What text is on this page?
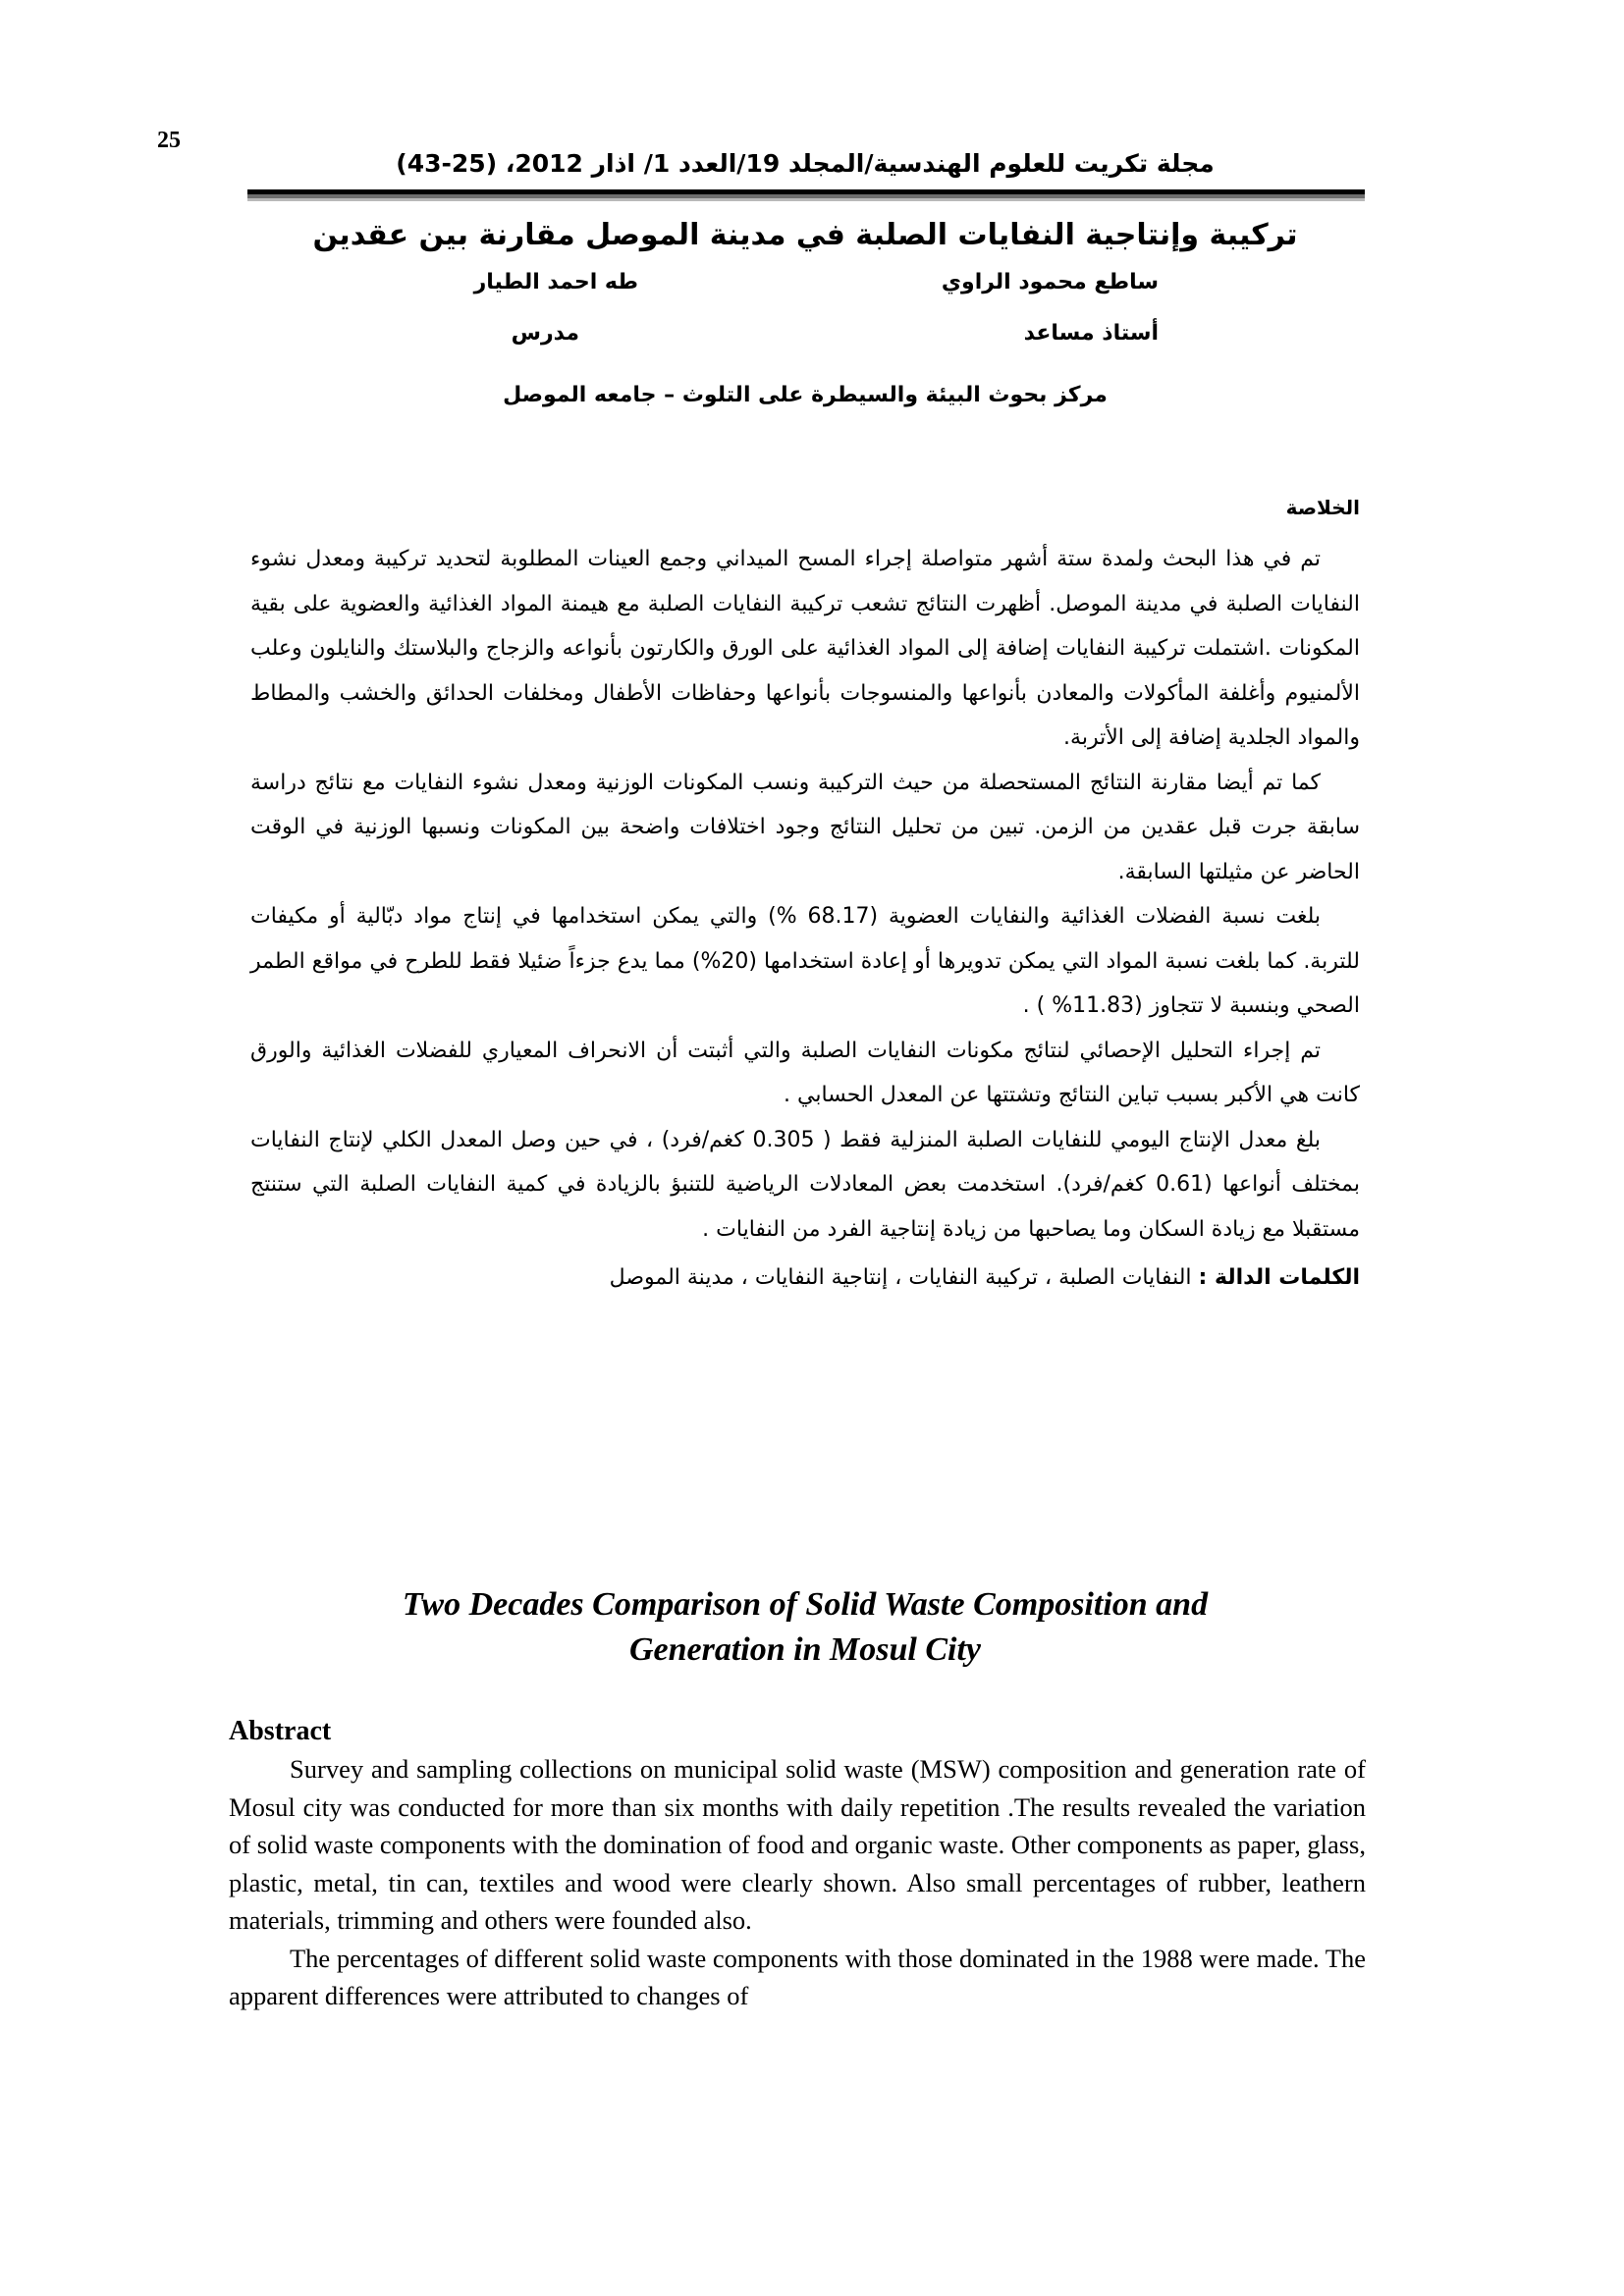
25
مجلة تكريت للعلوم الهندسية/المجلد 19/العدد 1/ اذار 2012، (25-43)
تركيبة وإنتاجية النفايات الصلبة في مدينة الموصل مقارنة بين عقدين
ساطع محمود الراوي
طه احمد الطيار
أستاذ مساعد
مدرس
مركز بحوث البيئة والسيطرة على التلوث – جامعه الموصل
الخلاصة

تم في هذا البحث ولمدة ستة أشهر متواصلة إجراء المسح الميداني وجمع العينات المطلوبة لتحديد تركيبة ومعدل نشوء النفايات الصلبة في مدينة الموصل. أظهرت النتائج تشعب تركيبة النفايات الصلبة مع هيمنة المواد الغذائية والعضوية على بقية المكونات .اشتملت تركيبة النفايات إضافة إلى المواد الغذائية على الورق والكارتون بأنواعه والزجاج والبلاستك والنايلون وعلب الألمنيوم وأغلفة المأكولات والمعادن بأنواعها والمنسوجات بأنواعها وحفاظات الأطفال ومخلفات الحدائق والخشب والمطاط والمواد الجلدية إضافة إلى الأتربة.

كما تم أيضا مقارنة النتائج المستحصلة من حيث التركيبة ونسب المكونات الوزنية ومعدل نشوء النفايات مع نتائج دراسة سابقة جرت قبل عقدين من الزمن. تبين من تحليل النتائج وجود اختلافات واضحة بين المكونات ونسبها الوزنية في الوقت الحاضر عن مثيلتها السابقة.

بلغت نسبة الفضلات الغذائية والنفايات العضوية (68.17 %) والتي يمكن استخدامها في إنتاج مواد دبّالية أو مكيفات للتربة. كما بلغت نسبة المواد التي يمكن تدويرها أو إعادة استخدامها (20%) مما يدع جزءاً ضئيلا فقط للطرح في مواقع الطمر الصحي وبنسبة لا تتجاوز (11.83% ) .

تم إجراء التحليل الإحصائي لنتائج مكونات النفايات الصلبة والتي أثبتت أن الانحراف المعياري للفضلات الغذائية والورق كانت هي الأكبر بسبب تباين النتائج وتشتتها عن المعدل الحسابي .

بلغ معدل الإنتاج اليومي للنفايات الصلبة المنزلية فقط ( 0.305 كغم/فرد) ، في حين وصل المعدل الكلي لإنتاج النفايات بمختلف أنواعها (0.61 كغم/فرد). استخدمت بعض المعادلات الرياضية للتنبؤ بالزيادة في كمية النفايات الصلبة التي ستنتج مستقبلا مع زيادة السكان وما يصاحبها من زيادة إنتاجية الفرد من النفايات .

الكلمات الدالة : النفايات الصلبة ، تركيبة النفايات ، إنتاجية النفايات ، مدينة الموصل

Two Decades Comparison of Solid Waste Composition and
Generation in Mosul City
Abstract

Survey and sampling collections on municipal solid waste (MSW) composition and generation rate of Mosul city was conducted for more than six months with daily repetition .The results revealed the variation of solid waste components with the domination of food and organic waste. Other components as paper, glass, plastic, metal, tin can, textiles and wood were clearly shown. Also small percentages of rubber, leathern materials, trimming and others were founded also.

The percentages of different solid waste components with those dominated in the 1988 were made. The apparent differences were attributed to changes of
